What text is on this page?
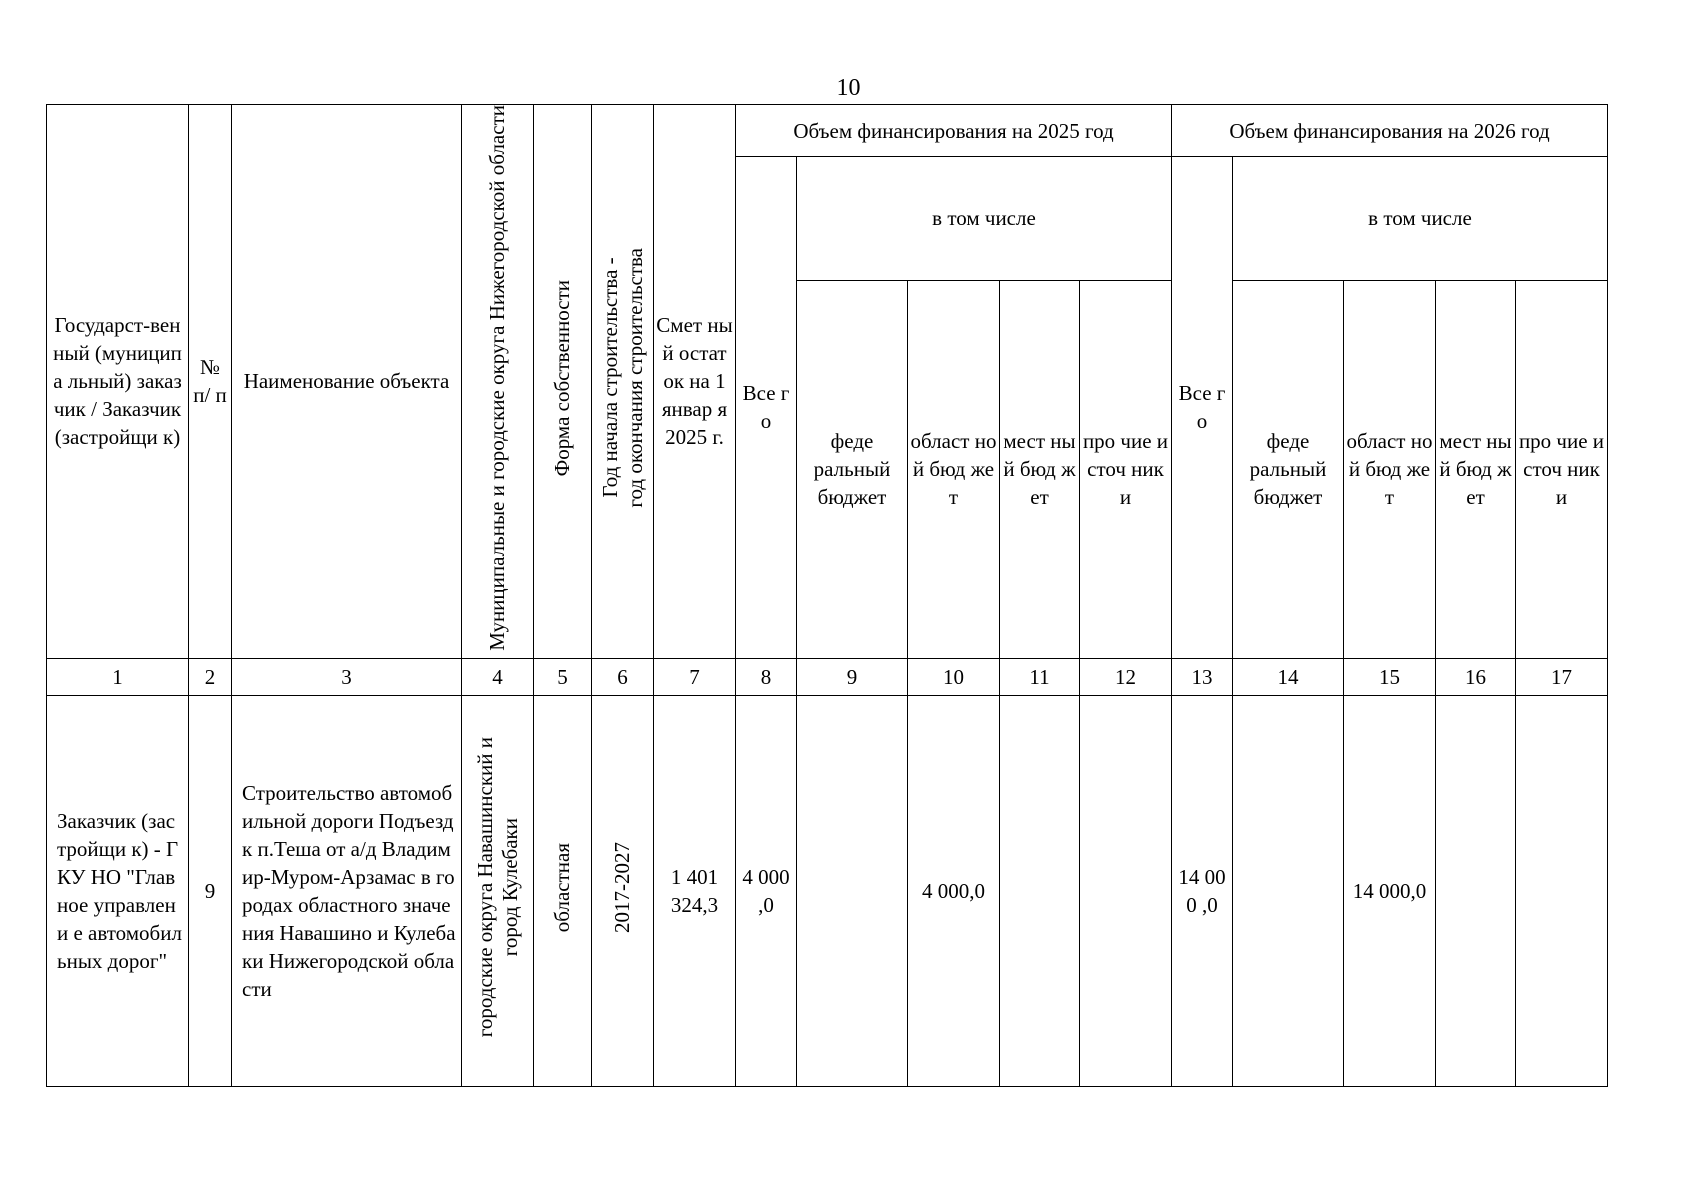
10
Государст-венный (муниципа льный) заказчик / Заказчик (застройщи к)	№ п/ п	Наименование объекта	Муниципальные и городские округа Нижегородской области	Форма собственности	Год начала строительства -
год окончания строительства	Смет ный остат ок на 1 январ я 2025 г.	Объем финансирования на 2025 год					Объем финансирования на 2026 год				

							Все го	в том числе				Все го	в том числе			

								феде ральный бюджет	област ной бюд жет	мест ный бюд жет	про чие источ ники		феде ральный бюджет	област ной бюд жет	мест ный бюд жет	про чие источ ники

1	2	3	4	5	6	7	8	9	10	11	12	13	14	15	16	17

Заказчик (застройщи к) - ГКУ НО "Главное управлени е автомобил ьных дорог"	9	Строительство автомобильной дороги Подъезд к п.Теша от а/д Владимир-Муром-Арзамас в городах областного значения Навашино и Кулебаки Нижегородской области	городские округа Навашинский и
город Кулебаки	областная	2017-2027	1 401 324,3	4 000 ,0		4 000,0			14 000 ,0		14 000,0		
